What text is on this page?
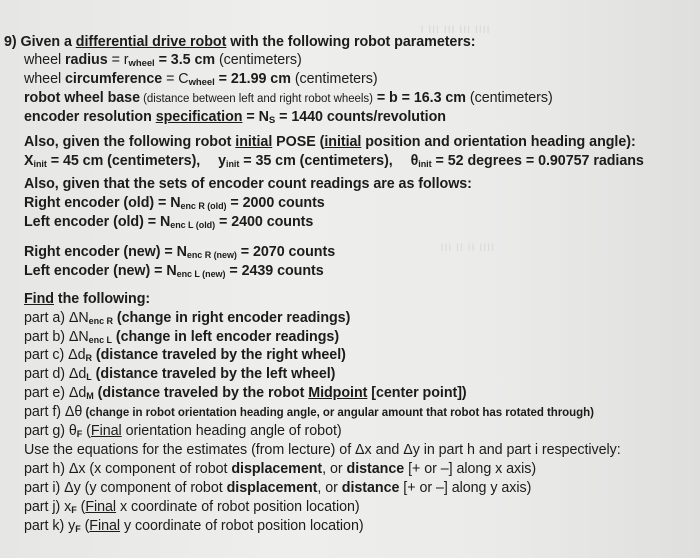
ı ııı ııı ııı ıııı
ııı ıı ıı ıııı
9) Given a differential drive robot with the following robot parameters:
wheel radius = rwheel = 3.5 cm (centimeters)
wheel circumference = Cwheel = 21.99 cm (centimeters)
robot wheel base (distance between left and right robot wheels) = b = 16.3 cm (centimeters)
encoder resolution specification = NS = 1440 counts/revolution
Also, given the following robot initial POSE (initial position and orientation heading angle):
Xinit = 45 cm (centimeters), yinit = 35 cm (centimeters), θinit = 52 degrees = 0.90757 radians
Also, given that the sets of encoder count readings are as follows:
Right encoder (old) = Nenc R (old) = 2000 counts
Left encoder (old) = Nenc L (old) = 2400 counts
Right encoder (new) = Nenc R (new) = 2070 counts
Left encoder (new) = Nenc L (new) = 2439 counts
Find the following:
part a) ΔNenc R (change in right encoder readings)
part b) ΔNenc L (change in left encoder readings)
part c) ΔdR (distance traveled by the right wheel)
part d) ΔdL (distance traveled by the left wheel)
part e) ΔdM (distance traveled by the robot Midpoint [center point])
part f) Δθ (change in robot orientation heading angle, or angular amount that robot has rotated through)
part g) θF (Final orientation heading angle of robot)
Use the equations for the estimates (from lecture) of Δx and Δy in part h and part i respectively:
part h) Δx (x component of robot displacement, or distance [+ or –] along x axis)
part i) Δy (y component of robot displacement, or distance [+ or –] along y axis)
part j) xF (Final x coordinate of robot position location)
part k) yF (Final y coordinate of robot position location)
